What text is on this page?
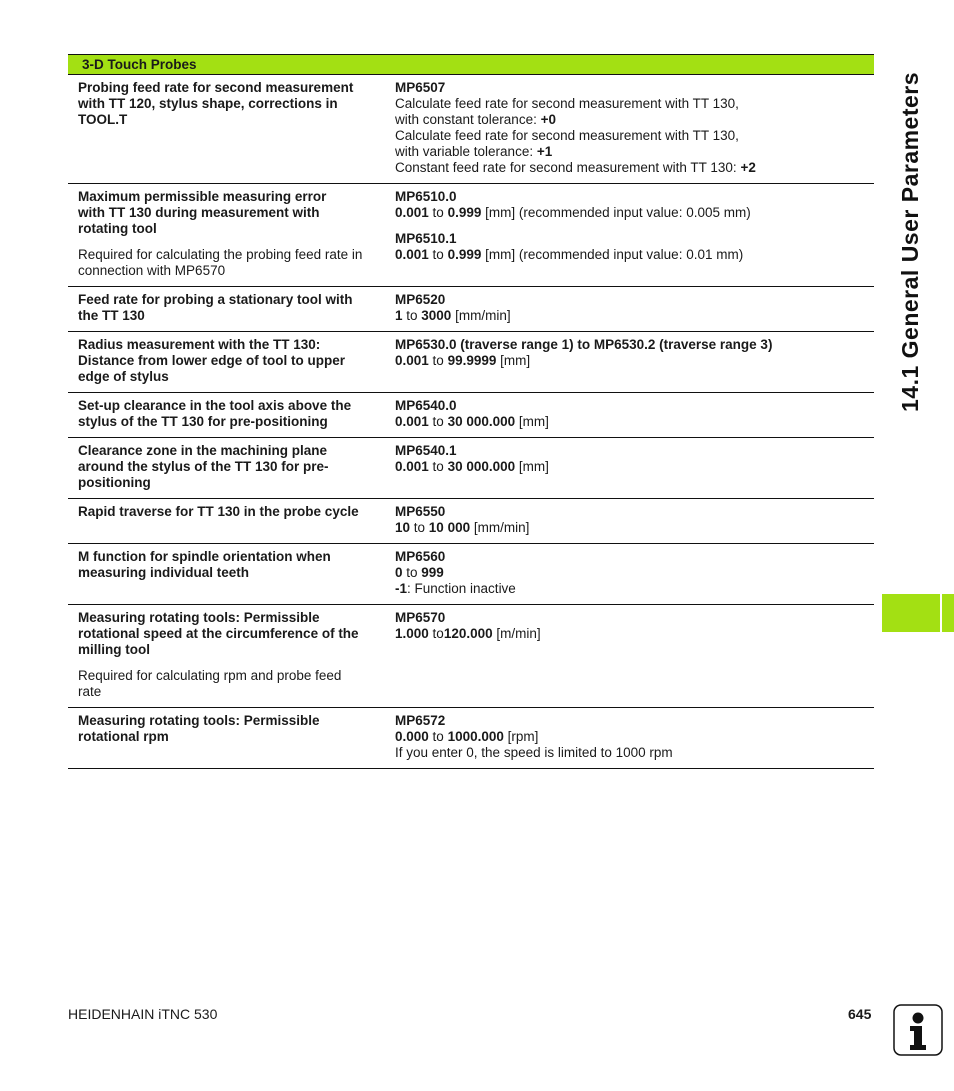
3-D Touch Probes
Probing feed rate for second measurement
with TT 120, stylus shape, corrections in
TOOL.T
MP6507
Calculate feed rate for second measurement with TT 130,
with constant tolerance: +0
Calculate feed rate for second measurement with TT 130,
with variable tolerance: +1
Constant feed rate for second measurement with TT 130: +2
Maximum permissible measuring error
with TT 130 during measurement with
rotating tool
Required for calculating the probing feed rate in
connection with MP6570
MP6510.0
0.001 to 0.999 [mm] (recommended input value: 0.005 mm)
MP6510.1
0.001 to 0.999 [mm] (recommended input value: 0.01 mm)
Feed rate for probing a stationary tool with
the TT 130
MP6520
1 to 3000 [mm/min]
Radius measurement with the TT 130:
Distance from lower edge of tool to upper
edge of stylus
MP6530.0 (traverse range 1) to MP6530.2 (traverse range 3)
0.001 to 99.9999 [mm]
Set-up clearance in the tool axis above the
stylus of the TT 130 for pre-positioning
MP6540.0
0.001 to 30 000.000 [mm]
Clearance zone in the machining plane
around the stylus of the TT 130 for pre-
positioning
MP6540.1
0.001 to 30 000.000 [mm]
Rapid traverse for TT 130 in the probe cycle	MP6550
10 to 10 000 [mm/min]
M function for spindle orientation when
measuring individual teeth
MP6560
0 to 999
-1: Function inactive
Measuring rotating tools: Permissible
rotational speed at the circumference of the
milling tool
Required for calculating rpm and probe feed
rate
MP6570
1.000 to120.000 [m/min]
Measuring rotating tools: Permissible
rotational rpm
MP6572
0.000 to 1000.000 [rpm]
If you enter 0, the speed is limited to 1000 rpm
14.1 General User Parameters
HEIDENHAIN iTNC 530	645
